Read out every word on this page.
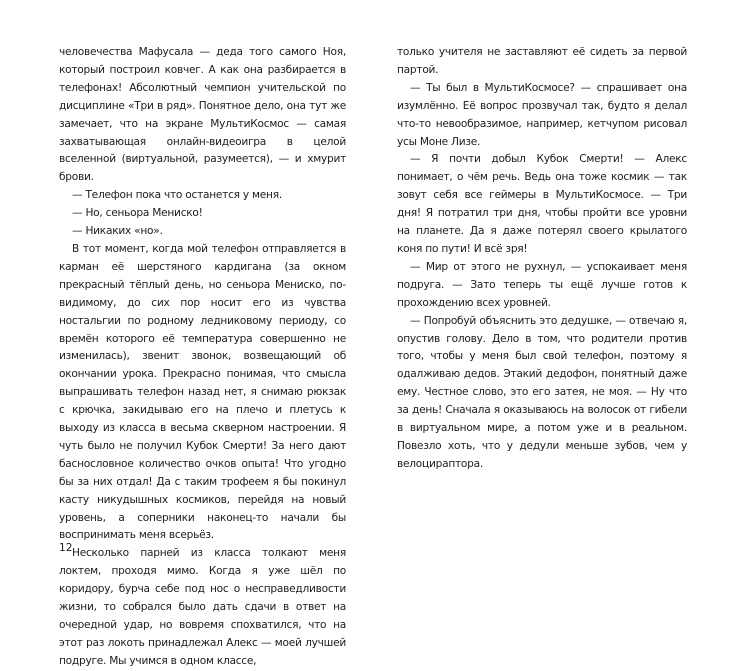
человечества Мафусала — деда того самого Ноя, который построил ковчег. А как она разбирается в телефонах! Абсолютный чемпион учительской по дисциплине «Три в ряд». Понятное дело, она тут же замечает, что на экране МультиКосмос — самая захватывающая онлайн-видеоигра в целой вселенной (виртуальной, разумеется), — и хмурит брови.

— Телефон пока что останется у меня.

— Но, сеньора Мениско!

— Никаких «но».

В тот момент, когда мой телефон отправляется в карман её шерстяного кардигана (за окном прекрасный тёплый день, но сеньора Мениско, по-видимому, до сих пор носит его из чувства ностальгии по родному ледниковому периоду, со времён которого её температура совершенно не изменилась), звенит звонок, возвещающий об окончании урока. Прекрасно понимая, что смысла выпрашивать телефон назад нет, я снимаю рюкзак с крючка, закидываю его на плечо и плетусь к выходу из класса в весьма скверном настроении. Я чуть было не получил Кубок Смерти! За него дают баснословное количество очков опыта! Что угодно бы за них отдал! Да с таким трофеем я бы покинул касту никудышных космиков, перейдя на новый уровень, а соперники наконец-то начали бы воспринимать меня всерьёз.

Несколько парней из класса толкают меня локтем, проходя мимо. Когда я уже шёл по коридору, бурча себе под нос о несправедливости жизни, то собрался было дать сдачи в ответ на очередной удар, но вовремя спохватился, что на этот раз локоть принадлежал Алекс — моей лучшей подруге. Мы учимся в одном классе,

12

только учителя не заставляют её сидеть за первой партой.

— Ты был в МультиКосмосе? — спрашивает она изумлённо. Её вопрос прозвучал так, будто я делал что-то невообразимое, например, кетчупом рисовал усы Моне Лизе.

— Я почти добыл Кубок Смерти! — Алекс понимает, о чём речь. Ведь она тоже космик — так зовут себя все геймеры в МультиКосмосе. — Три дня! Я потратил три дня, чтобы пройти все уровни на планете. Да я даже потерял своего крылатого коня по пути! И всё зря!

— Мир от этого не рухнул, — успокаивает меня подруга. — Зато теперь ты ещё лучше готов к прохождению всех уровней.

— Попробуй объяснить это дедушке, — отвечаю я, опустив голову. Дело в том, что родители против того, чтобы у меня был свой телефон, поэтому я одалживаю дедов. Этакий дедофон, понятный даже ему. Честное слово, это его затея, не моя. — Ну что за день! Сначала я оказываюсь на волосок от гибели в виртуальном мире, а потом уже и в реальном. Повезло хоть, что у дедули меньше зубов, чем у велоцираптора.
